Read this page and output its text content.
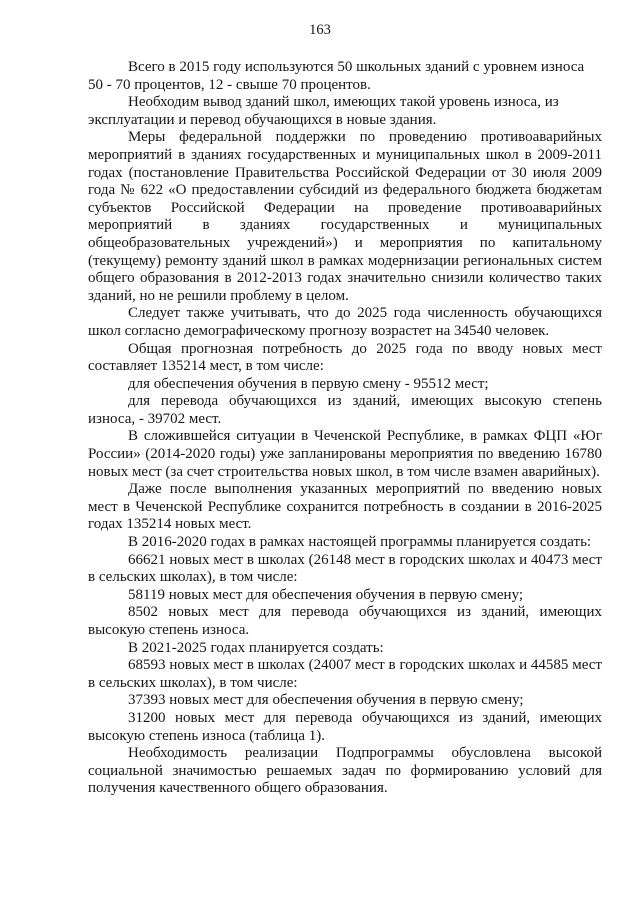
163

Всего в 2015 году используются 50 школьных зданий с уровнем износа 50 - 70 процентов, 12 - свыше 70 процентов.

Необходим вывод зданий школ, имеющих такой уровень износа, из эксплуатации и перевод обучающихся в новые здания.

Меры федеральной поддержки по проведению противоаварийных мероприятий в зданиях государственных и муниципальных школ в 2009-2011 годах (постановление Правительства Российской Федерации от 30 июля 2009 года № 622 «О предоставлении субсидий из федерального бюджета бюджетам субъектов Российской Федерации на проведение противоаварийных мероприятий в зданиях государственных и муниципальных общеобразовательных учреждений») и мероприятия по капитальному (текущему) ремонту зданий школ в рамках модернизации региональных систем общего образования в 2012-2013 годах значительно снизили количество таких зданий, но не решили проблему в целом.

Следует также учитывать, что до 2025 года численность обучающихся школ согласно демографическому прогнозу возрастет на 34540 человек.

Общая прогнозная потребность до 2025 года по вводу новых мест составляет 135214 мест, в том числе:

для обеспечения обучения в первую смену - 95512 мест;

для перевода обучающихся из зданий, имеющих высокую степень износа, - 39702 мест.

В сложившейся ситуации в Чеченской Республике, в рамках ФЦП «Юг России» (2014-2020 годы) уже запланированы мероприятия по введению 16780 новых мест (за счет строительства новых школ, в том числе взамен аварийных).

Даже после выполнения указанных мероприятий по введению новых мест в Чеченской Республике сохранится потребность в создании в 2016-2025 годах 135214 новых мест.

В 2016-2020 годах в рамках настоящей программы планируется создать:

66621 новых мест в школах (26148 мест в городских школах и 40473 мест в сельских школах), в том числе:

58119 новых мест для обеспечения обучения в первую смену;

8502 новых мест для перевода обучающихся из зданий, имеющих высокую степень износа.

В 2021-2025 годах планируется создать:

68593 новых мест в школах (24007 мест в городских школах и 44585 мест в сельских школах), в том числе:

37393 новых мест для обеспечения обучения в первую смену;

31200 новых мест для перевода обучающихся из зданий, имеющих высокую степень износа (таблица 1).

Необходимость реализации Подпрограммы обусловлена высокой социальной значимостью решаемых задач по формированию условий для получения качественного общего образования.
